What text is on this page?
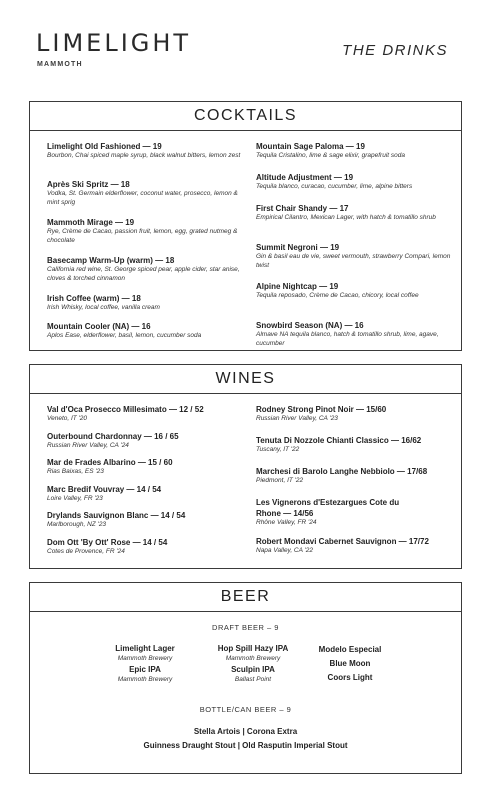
LIMELIGHT
MAMMOTH
THE DRINKS
COCKTAILS
Limelight Old Fashioned — 19
Bourbon, Chai spiced maple syrup, black walnut bitters, lemon zest
Après Ski Spritz — 18
Vodka, St. Germain elderflower, coconut water, prosecco, lemon & mint sprig
Mammoth Mirage — 19
Rye, Crème de Cacao, passion fruit, lemon, egg, grated nutmeg & chocolate
Basecamp Warm-Up (warm) — 18
California red wine, St. George spiced pear, apple cider, star anise, cloves & torched cinnamon
Irish Coffee (warm) — 18
Irish Whisky, local coffee, vanilla cream
Mountain Cooler (NA) — 16
Aplos Ease, elderflower, basil, lemon, cucumber soda
Mountain Sage Paloma — 19
Tequila Cristalino, lime & sage elixir, grapefruit soda
Altitude Adjustment — 19
Tequila blanco, curacao, cucumber, lime, alpine bitters
First Chair Shandy — 17
Empirical Cilantro, Mexican Lager, with hatch & tomatillo shrub
Summit Negroni — 19
Gin & basil eau de vie, sweet vermouth, strawberry Compari, lemon twist
Alpine Nightcap — 19
Tequila reposado, Crème de Cacao, chicory, local coffee
Snowbird Season (NA) — 16
Almave NA tequila blanco, hatch & tomatillo shrub, lime, agave, cucumber
WINES
Val d'Oca Prosecco Millesimato — 12 / 52
Veneto, IT '20
Outerbound Chardonnay — 16 / 65
Russian River Valley, CA '24
Mar de Frades Albarino — 15 / 60
Rias Baixas, ES '23
Marc Bredif Vouvray — 14 / 54
Loire Valley, FR '23
Drylands Sauvignon Blanc — 14 / 54
Marlborough, NZ '23
Dom Ott 'By Ott' Rose — 14 / 54
Cotes de Provence, FR '24
Rodney Strong Pinot Noir — 15/60
Russian River Valley, CA '23
Tenuta Di Nozzole Chianti Classico — 16/62
Tuscany, IT '22
Marchesi di Barolo Langhe Nebbiolo — 17/68
Piedmont, IT '22
Les Vignerons d'Estezargues Cote du Rhone — 14/56
Rhône Valley, FR '24
Robert Mondavi Cabernet Sauvignon — 17/72
Napa Valley, CA '22
BEER
DRAFT BEER – 9
Limelight Lager
Mammoth Brewery
Epic IPA
Mammoth Brewery
Hop Spill Hazy IPA
Mammoth Brewery
Sculpin IPA
Ballast Point
Modelo Especial
Blue Moon
Coors Light
BOTTLE/CAN BEER – 9
Stella Artois | Corona Extra
Guinness Draught Stout | Old Rasputin Imperial Stout
